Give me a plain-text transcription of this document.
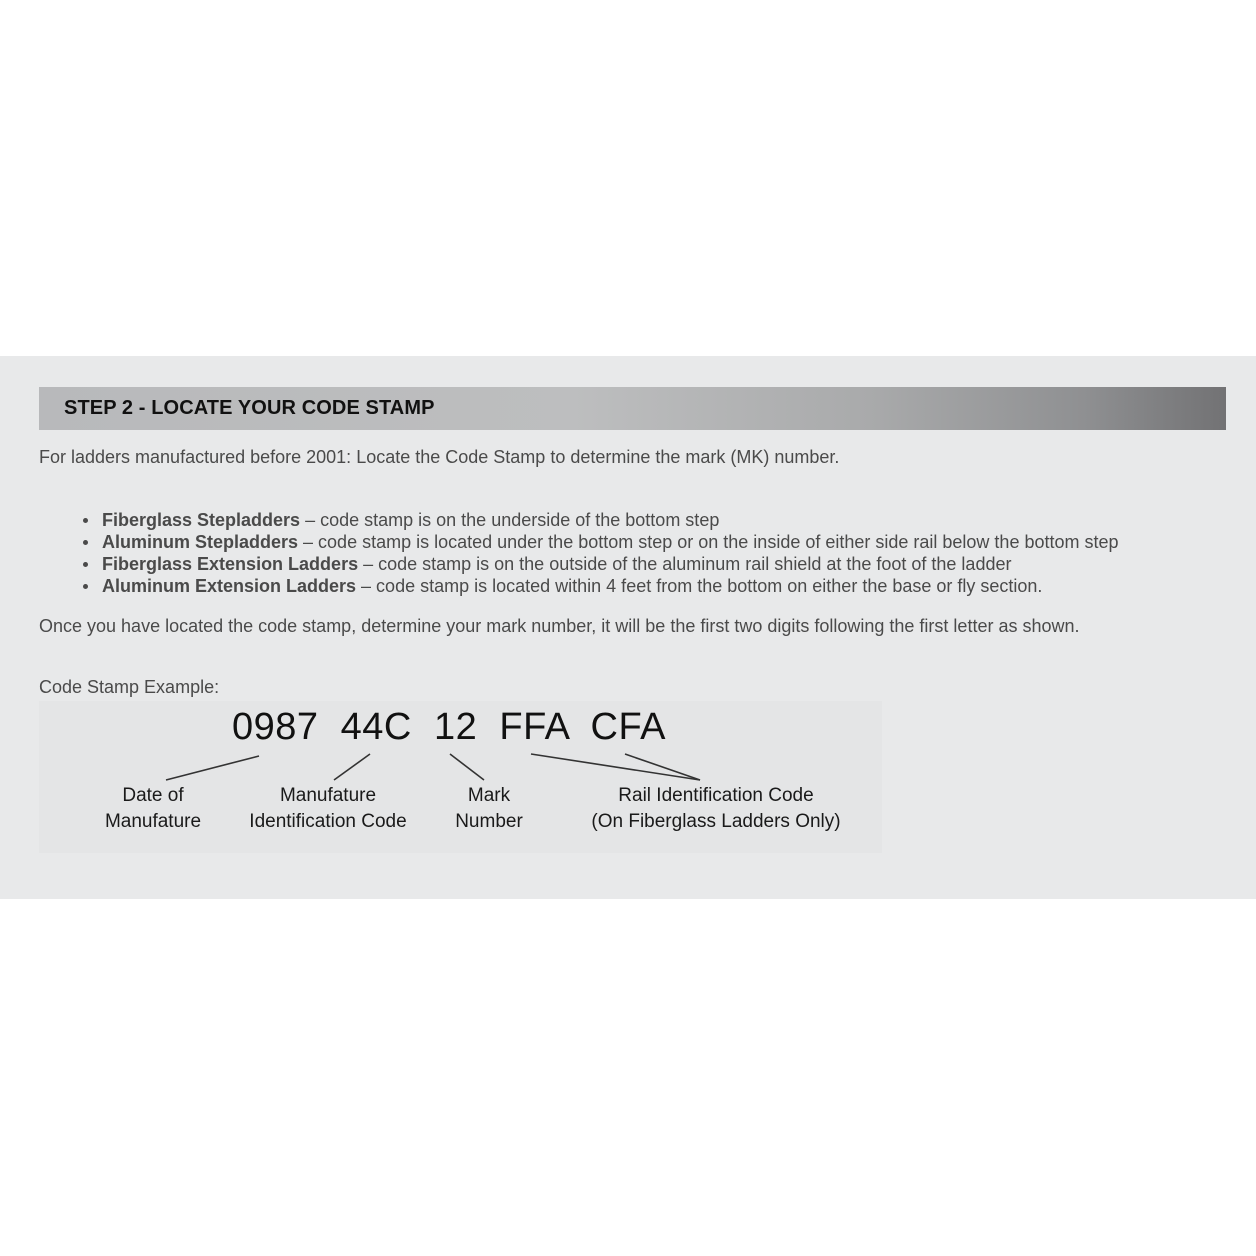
STEP 2 - LOCATE YOUR CODE STAMP
For ladders manufactured before 2001: Locate the Code Stamp to determine the mark (MK) number.
Fiberglass Stepladders – code stamp is on the underside of the bottom step
Aluminum Stepladders – code stamp is located under the bottom step or on the inside of either side rail below the bottom step
Fiberglass Extension Ladders – code stamp is on the outside of the aluminum rail shield at the foot of the ladder
Aluminum Extension Ladders – code stamp is located within 4 feet from the bottom on either the base or fly section.
Once you have located the code stamp, determine your mark number, it will be the first two digits following the first letter as shown.
Code Stamp Example:
0987  44C  12  FFA  CFA
Date of
Manufature
Manufature
Identification Code
Mark
Number
Rail Identification Code
(On Fiberglass Ladders Only)
